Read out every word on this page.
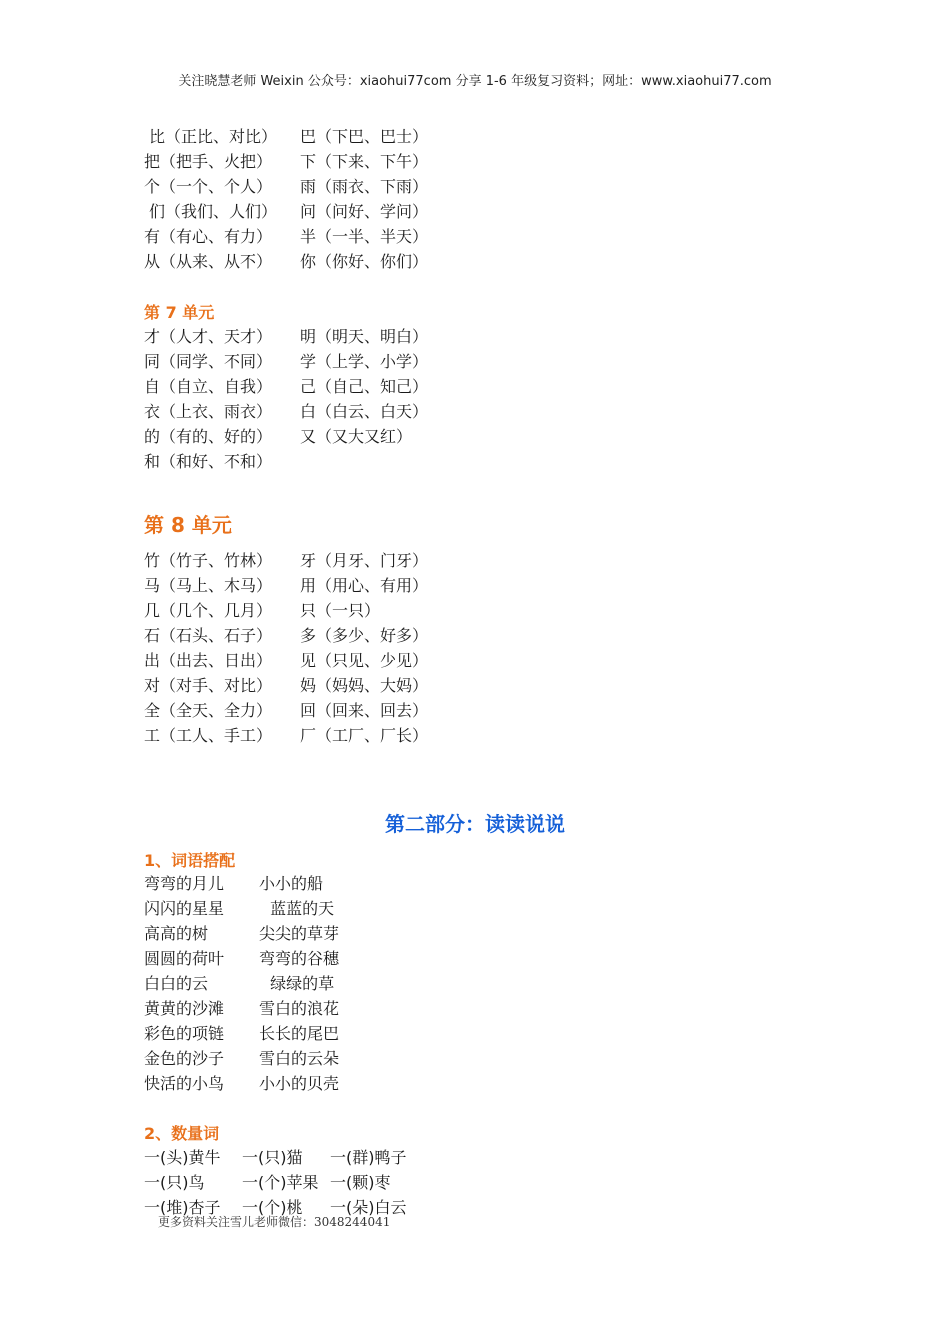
关注晓慧老师 Weixin 公众号：xiaohui77com 分享 1-6 年级复习资料；网址：www.xiaohui77.com
比（正比、对比） 巴（下巴、巴士）
把（把手、火把） 下（下来、下午）
个（一个、个人） 雨（雨衣、下雨）
们（我们、人们） 问（问好、学问）
有（有心、有力） 半（一半、半天）
从（从来、从不） 你（你好、你们）
第 7 单元
才（人才、天才） 明（明天、明白）
同（同学、不同） 学（上学、小学）
自（自立、自我） 己（自己、知己）
衣（上衣、雨衣） 白（白云、白天）
的（有的、好的） 又（又大又红）
和（和好、不和）
第 8 单元
竹（竹子、竹林） 牙（月牙、门牙）
马（马上、木马） 用（用心、有用）
几（几个、几月） 只（一只）
石（石头、石子） 多（多少、好多）
出（出去、日出） 见（只见、少见）
对（对手、对比） 妈（妈妈、大妈）
全（全天、全力） 回（回来、回去）
工（工人、手工） 厂（工厂、厂长）
第二部分：读读说说
1、词语搭配
弯弯的月儿 小小的船
闪闪的星星	蓝蓝的天
高高的树	尖尖的草芽
圆圆的荷叶 弯弯的谷穗
白白的云	绿绿的草
黄黄的沙滩 雪白的浪花
彩色的项链 长长的尾巴
金色的沙子 雪白的云朵
快活的小鸟 小小的贝壳
2、数量词
一(头)黄牛 一(只)猫 一(群)鸭子
一(只)鸟 一(个)苹果 一(颗)枣
一(堆)杏子 一(个)桃 一(朵)白云
更多资料关注雪儿老师微信：3048244041
